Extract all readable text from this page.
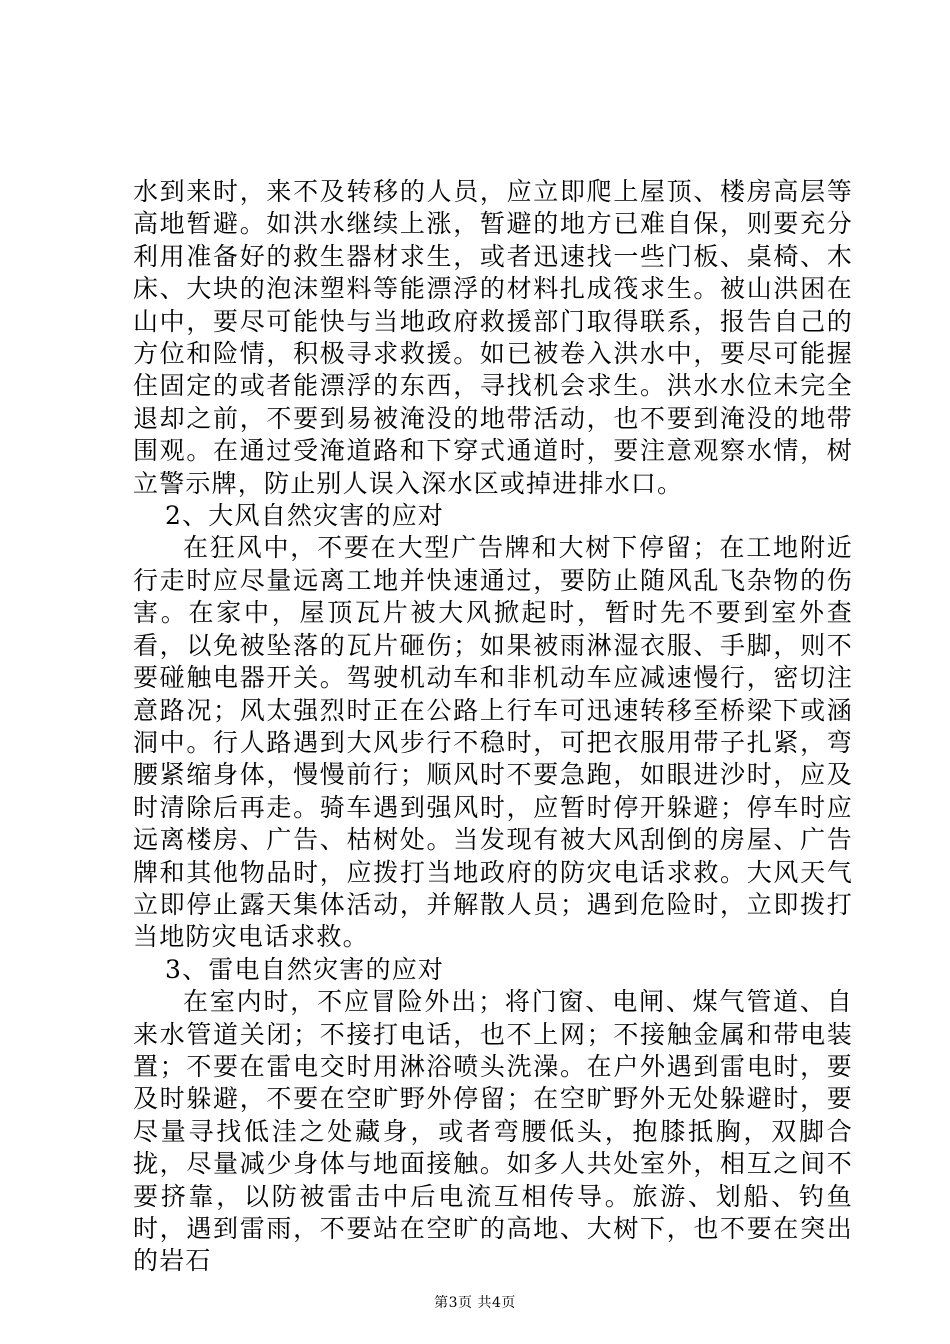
水到来时，来不及转移的人员，应立即爬上屋顶、楼房高层等高地暂避。如洪水继续上涨，暂避的地方已难自保，则要充分利用准备好的救生器材求生，或者迅速找一些门板、桌椅、木床、大块的泡沫塑料等能漂浮的材料扎成筏求生。被山洪困在山中，要尽可能快与当地政府救援部门取得联系，报告自己的方位和险情，积极寻求救援。如已被卷入洪水中，要尽可能握住固定的或者能漂浮的东西，寻找机会求生。洪水水位未完全退却之前，不要到易被淹没的地带活动，也不要到淹没的地带围观。在通过受淹道路和下穿式通道时，要注意观察水情，树立警示牌，防止别人误入深水区或掉进排水口。

2、大风自然灾害的应对

在狂风中，不要在大型广告牌和大树下停留；在工地附近行走时应尽量远离工地并快速通过，要防止随风乱飞杂物的伤害。在家中，屋顶瓦片被大风掀起时，暂时先不要到室外查看，以免被坠落的瓦片砸伤；如果被雨淋湿衣服、手脚，则不要碰触电器开关。驾驶机动车和非机动车应减速慢行，密切注意路况；风太强烈时正在公路上行车可迅速转移至桥梁下或涵洞中。行人路遇到大风步行不稳时，可把衣服用带子扎紧，弯腰紧缩身体，慢慢前行；顺风时不要急跑，如眼进沙时，应及时清除后再走。骑车遇到强风时，应暂时停开躲避；停车时应远离楼房、广告、枯树处。当发现有被大风刮倒的房屋、广告牌和其他物品时，应拨打当地政府的防灾电话求救。大风天气立即停止露天集体活动，并解散人员；遇到危险时，立即拨打当地防灾电话求救。

3、雷电自然灾害的应对

在室内时，不应冒险外出；将门窗、电闸、煤气管道、自来水管道关闭；不接打电话，也不上网；不接触金属和带电装置；不要在雷电交时用淋浴喷头洗澡。在户外遇到雷电时，要及时躲避，不要在空旷野外停留；在空旷野外无处躲避时，要尽量寻找低洼之处藏身，或者弯腰低头，抱膝抵胸，双脚合拢，尽量减少身体与地面接触。如多人共处室外，相互之间不要挤靠，以防被雷击中后电流互相传导。旅游、划船、钓鱼时，遇到雷雨，不要站在空旷的高地、大树下，也不要在突出的岩石

第3页 共4页
